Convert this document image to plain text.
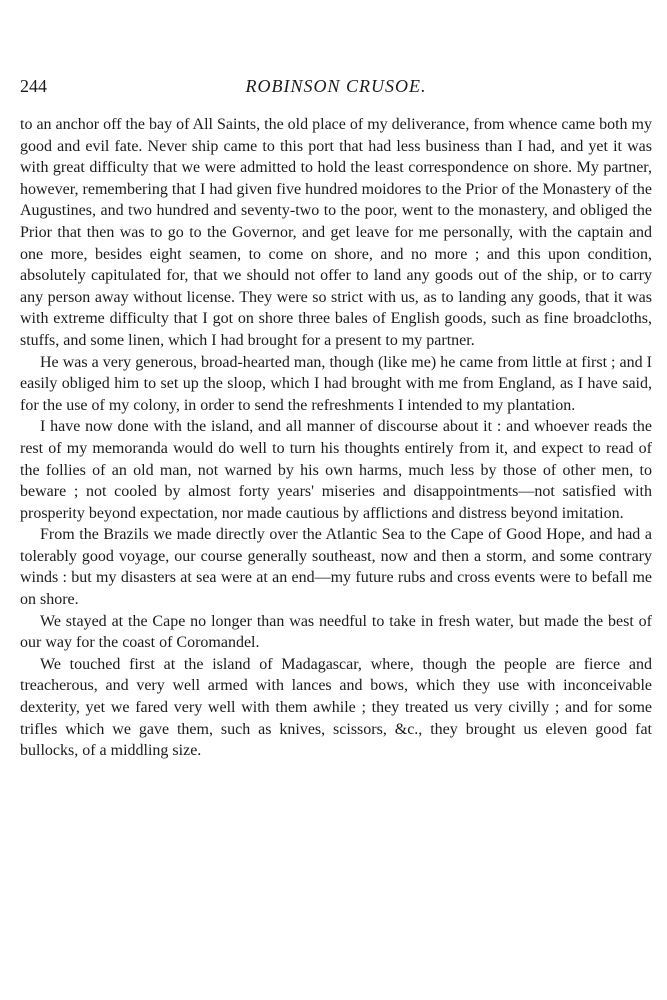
244	ROBINSON CRUSOE.

to an anchor off the bay of All Saints, the old place of my deliverance, from whence came both my good and evil fate. Never ship came to this port that had less business than I had, and yet it was with great difficulty that we were admitted to hold the least correspondence on shore. My partner, however, remembering that I had given five hundred moidores to the Prior of the Monastery of the Augustines, and two hundred and seventy-two to the poor, went to the monastery, and obliged the Prior that then was to go to the Governor, and get leave for me personally, with the captain and one more, besides eight seamen, to come on shore, and no more ; and this upon condition, absolutely capitulated for, that we should not offer to land any goods out of the ship, or to carry any person away without license. They were so strict with us, as to landing any goods, that it was with extreme difficulty that I got on shore three bales of English goods, such as fine broadcloths, stuffs, and some linen, which I had brought for a present to my partner.

He was a very generous, broad-hearted man, though (like me) he came from little at first ; and I easily obliged him to set up the sloop, which I had brought with me from England, as I have said, for the use of my colony, in order to send the refreshments I intended to my plantation.

I have now done with the island, and all manner of discourse about it : and whoever reads the rest of my memoranda would do well to turn his thoughts entirely from it, and expect to read of the follies of an old man, not warned by his own harms, much less by those of other men, to beware ; not cooled by almost forty years' miseries and disappointments—not satisfied with prosperity beyond expectation, nor made cautious by afflictions and distress beyond imitation.

From the Brazils we made directly over the Atlantic Sea to the Cape of Good Hope, and had a tolerably good voyage, our course generally southeast, now and then a storm, and some contrary winds : but my disasters at sea were at an end—my future rubs and cross events were to befall me on shore.

We stayed at the Cape no longer than was needful to take in fresh water, but made the best of our way for the coast of Coromandel.

We touched first at the island of Madagascar, where, though the people are fierce and treacherous, and very well armed with lances and bows, which they use with inconceivable dexterity, yet we fared very well with them awhile ; they treated us very civilly ; and for some trifles which we gave them, such as knives, scissors, &c., they brought us eleven good fat bullocks, of a middling size.
